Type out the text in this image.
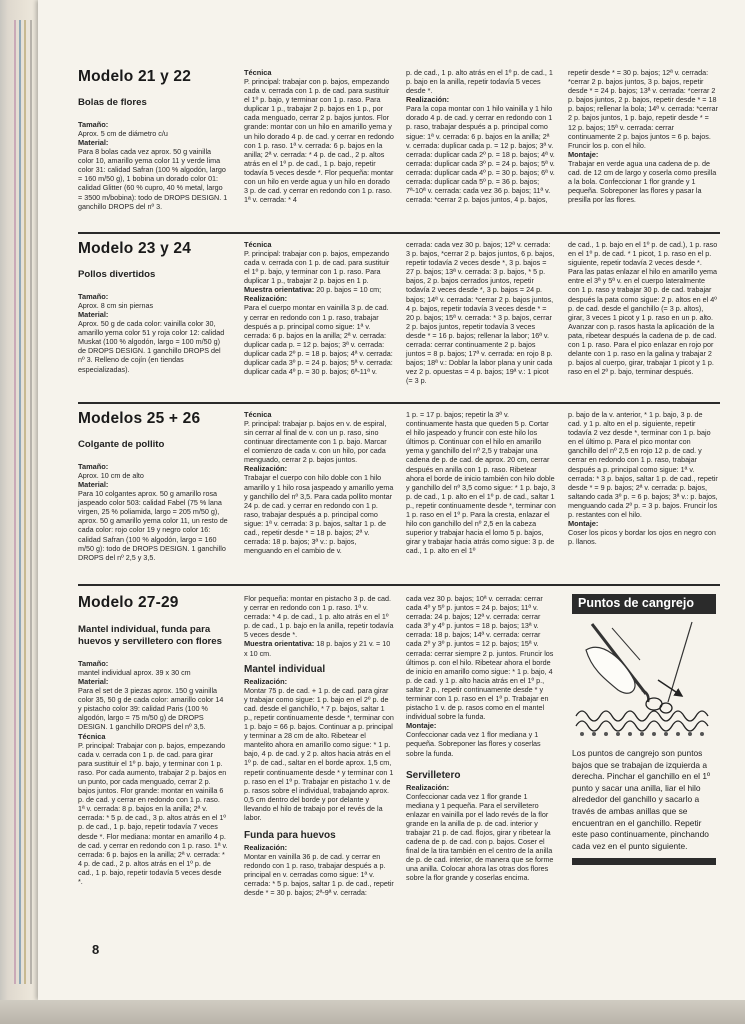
Modelo 21 y 22
Bolas de flores
Tamaño:

Aprox. 5 cm de diámetro c/u

Material:

Para 8 bolas cada vez aprox. 50 g vainilla color 10, amarillo yema color 11 y verde lima color 31: calidad Safran (100 % algodón, largo = 160 m/50 g), 1 bobina un dorado color 01: calidad Glitter (60 % cupro, 40 % metal, largo = 3500 m/bobina): todo de DROPS DESIGN. 1 ganchillo DROPS del nº 3.

Técnica

P. principal: trabajar con p. bajos, empezando cada v. cerrada con 1 p. de cad. para sustituir el 1º p. bajo, y terminar con 1 p. raso. Para duplicar 1 p., trabajar 2 p. bajos en 1 p., por cada menguado, cerrar 2 p. bajos juntos. Flor grande: montar con un hilo en amarillo yema y un hilo dorado 4 p. de cad. y cerrar en redondo con 1 p. raso. 1ª v. cerrada: 6 p. bajos en la anilla; 2ª v. cerrada: * 4 p. de cad., 2 p. altos atrás en el 1º p. de cad., 1 p. bajo, repetir todavía 5 veces desde *. Flor pequeña: montar con un hilo en verde agua y un hilo en dorado 3 p. de cad. y cerrar en redondo con 1 p. raso. 1ª v. cerrada: * 4

p. de cad., 1 p. alto atrás en el 1º p. de cad., 1 p. bajo en la anilla, repetir todavía 5 veces desde *.

Realización:

Para la copa montar con 1 hilo vainilla y 1 hilo dorado 4 p. de cad. y cerrar en redondo con 1 p. raso, trabajar después a p. principal como sigue: 1ª v. cerrada: 6 p. bajos en la anilla; 2ª v. cerrada: duplicar cada p. = 12 p. bajos; 3ª v. cerrada: duplicar cada 2º p. = 18 p. bajos; 4ª v. cerrada: duplicar cada 3º p. = 24 p. bajos; 5ª v. cerrada: duplicar cada 4º p. = 30 p. bajos; 6ª v. cerrada: duplicar cada 5º p. = 36 p. bajos; 7ª-10ª v. cerrada: cada vez 36 p. bajos; 11ª v. cerrada: *cerrar 2 p. bajos juntos, 4 p. bajos,

repetir desde * = 30 p. bajos; 12ª v. cerrada: *cerrar 2 p. bajos juntos, 3 p. bajos, repetir desde * = 24 p. bajos; 13ª v. cerrada: *cerrar 2 p. bajos juntos, 2 p. bajos, repetir desde * = 18 p. bajos; rellenar la bola; 14ª v. cerrada: *cerrar 2 p. bajos juntos, 1 p. bajo, repetir desde * = 12 p. bajos; 15ª v. cerrada: cerrar continuamente 2 p. bajos juntos = 6 p. bajos. Fruncir los p. con el hilo.

Montaje:

Trabajar en verde agua una cadena de p. de cad. de 12 cm de largo y coserla como presilla a la bola. Confeccionar 1 flor grande y 1 pequeña. Sobreponer las flores y pasar la presilla por las flores.

Modelo 23 y 24
Pollos divertidos
Tamaño:

Aprox. 8 cm sin piernas

Material:

Aprox. 50 g de cada color: vainilla color 30, amarillo yema color 51 y roja color 12: calidad Muskat (100 % algodón, largo = 100 m/50 g) de DROPS DESIGN. 1 ganchillo DROPS del nº 3. Relleno de cojín (en tiendas especializadas).

Técnica

P. principal: trabajar con p. bajos, empezando cada v. cerrada con 1 p. de cad. para sustituir el 1º p. bajo, y terminar con 1 p. raso. Para duplicar 1 p., trabajar 2 p. bajos en 1 p.

Muestra orientativa: 20 p. bajos = 10 cm;

Realización:

Para el cuerpo montar en vainilla 3 p. de cad. y cerrar en redondo con 1 p. raso, trabajar después a p. principal como sigue: 1ª v. cerrada: 6 p. bajos en la anilla; 2ª v. cerrada: duplicar cada p. = 12 p. bajos; 3ª v. cerrada: duplicar cada 2º p. = 18 p. bajos; 4ª v. cerrada: duplicar cada 3º p. = 24 p. bajos; 5ª v. cerrada: duplicar cada 4º p. = 30 p. bajos; 6ª-11ª v.

cerrada: cada vez 30 p. bajos; 12ª v. cerrada: 3 p. bajos, *cerrar 2 p. bajos juntos, 6 p. bajos, repetir todavía 2 veces desde *, 3 p. bajos = 27 p. bajos; 13ª v. cerrada: 3 p. bajos, * 5 p. bajos, 2 p. bajos cerrados juntos, repetir todavía 2 veces desde *, 3 p. bajos = 24 p. bajos; 14ª v. cerrada: *cerrar 2 p. bajos juntos, 4 p. bajos, repetir todavía 3 veces desde * = 20 p. bajos; 15ª v. cerrada: * 3 p. bajos, cerrar 2 p. bajos juntos, repetir todavía 3 veces desde * = 16 p. bajos; rellenar la labor; 16ª v. cerrada: cerrar continuamente 2 p. bajos juntos = 8 p. bajos; 17ª v. cerrada: en rojo 8 p. bajos; 18ª v.: Doblar la labor plana y unir cada vez 2 p. opuestas = 4 p. bajos; 19ª v.: 1 picot (= 3 p.

de cad., 1 p. bajo en el 1º p. de cad.), 1 p. raso en el 1º p. de cad. * 1 picot, 1 p. raso en el p. siguiente, repetir todavía 2 veces desde *. Para las patas enlazar el hilo en amarillo yema entre el 3ª y 5ª v. en el cuerpo lateralmente con 1 p. raso y trabajar 30 p. de cad. trabajar después la pata como sigue: 2 p. altos en el 4º p. de cad. desde el ganchillo (= 3 p. altos), girar, 3 veces 1 picot y 1 p. raso en un p. alto. Avanzar con p. rasos hasta la aplicación de la pata, ribetear después la cadena de p. de cad. con 1 p. raso. Para el pico enlazar en rojo por delante con 1 p. raso en la galina y trabajar 2 p. bajos al cuerpo, girar, trabajar 1 picot y 1 p. raso en el 2º p. bajo, terminar después.

Modelos 25 + 26
Colgante de pollito
Tamaño:

Aprox. 10 cm de alto

Material:

Para 10 colgantes aprox. 50 g amarillo rosa jaspeado color 503: calidad Fabel (75 % lana virgen, 25 % poliamida, largo = 205 m/50 g), aprox. 50 g amarillo yema color 11, un resto de cada color: rojo color 19 y negro color 16: calidad Safran (100 % algodón, largo = 160 m/50 g): todo de DROPS DESIGN. 1 ganchillo DROPS del nº 2,5 y 3,5.

Técnica

P. principal: trabajar p. bajos en v. de espiral, sin cerrar al final de v. con un p. raso, sino continuar directamente con 1 p. bajo. Marcar el comienzo de cada v. con un hilo, por cada menguado, cerrar 2 p. bajos juntos.

Realización:

Trabajar el cuerpo con hilo doble con 1 hilo amarillo y 1 hilo rosa jaspeado y amarillo yema y ganchillo del nº 3,5. Para cada pollito montar 24 p. de cad. y cerrar en redondo con 1 p. raso, trabajar después a p. principal como sigue: 1ª v. cerrada: 3 p. bajos, saltar 1 p. de cad., repetir desde * = 18 p. bajos; 2ª v. cerrada: 18 p. bajos; 3ª v.: p. bajos, menguando en el cambio de v.

1 p. = 17 p. bajos; repetir la 3ª v. continuamente hasta que queden 5 p. Cortar el hilo jaspeado y fruncir con este hilo los últimos p. Continuar con el hilo en amarillo yema y ganchillo del nº 2,5 y trabajar una cadena de p. de cad. de aprox. 20 cm, cerrar después en anilla con 1 p. raso. Ribetear ahora el borde de inicio también con hilo doble y ganchillo del nº 3,5 como sigue: * 1 p. bajo, 3 p. de cad., 1 p. alto en el 1º p. de cad., saltar 1 p., repetir continuamente desde *, terminar con 1 p. raso en el 1º p. Para la cresta, enlazar el hilo con ganchillo del nº 2,5 en la cabeza superior y trabajar hacia el lomo 5 p. bajos, girar y trabajar hacia atrás como sigue: 3 p. de cad., 1 p. alto en el 1º

p. bajo de la v. anterior, * 1 p. bajo, 3 p. de cad. y 1 p. alto en el p. siguiente, repetir todavía 2 vez desde *, terminar con 1 p. bajo en el último p. Para el pico montar con ganchillo del nº 2,5 en rojo 12 p. de cad. y cerrar en redondo con 1 p. raso, trabajar después a p. principal como sigue: 1ª v. cerrada: * 3 p. bajos, saltar 1 p. de cad., repetir desde * = 9 p. bajos; 2ª v. cerrada: p. bajos, saltando cada 3º p. = 6 p. bajos; 3ª v.: p. bajos, menguando cada 2º p. = 3 p. bajos. Fruncir los p. restantes con el hilo.

Montaje:

Coser los picos y bordar los ojos en negro con p. llanos.

Modelo 27-29
Mantel individual, funda para huevos y servilletero con flores
Tamaño:

mantel individual aprox. 39 x 30 cm

Material:

Para el set de 3 piezas aprox. 150 g vainilla color 35, 50 g de cada color: amarillo color 14 y pistacho color 39: calidad Paris (100 % algodón, largo = 75 m/50 g) de DROPS DESIGN. 1 ganchillo DROPS del nº 3,5.

Técnica

P. principal: Trabajar con p. bajos, empezando cada v. cerrada con 1 p. de cad. para girar para sustituir el 1º p. bajo, y terminar con 1 p. raso. Por cada aumento, trabajar 2 p. bajos en un punto, por cada menguado, cerrar 2 p. bajos juntos. Flor grande: montar en vainilla 6 p. de cad. y cerrar en redondo con 1 p. raso. 1ª v. cerrada: 8 p. bajos en la anilla; 2ª v. cerrada: * 5 p. de cad., 3 p. altos atrás en el 1º p. de cad., 1 p. bajo, repetir todavía 7 veces desde *. Flor mediana: montar en amarillo 4 p. de cad. y cerrar en redondo con 1 p. raso. 1ª v. cerrada: 6 p. bajos en la anilla; 2ª v. cerrada: * 4 p. de cad., 2 p. altos atrás en el 1º p. de cad., 1 p. bajo, repetir todavía 5 veces desde *.

Flor pequeña: montar en pistacho 3 p. de cad. y cerrar en redondo con 1 p. raso. 1ª v. cerrada: * 4 p. de cad., 1 p. alto atrás en el 1º p. de cad., 1 p. bajo en la anilla, repetir todavía 5 veces desde *.

Muestra orientativa: 18 p. bajos y 21 v. = 10 x 10 cm.

Mantel individual
Realización:

Montar 75 p. de cad. + 1 p. de cad. para girar y trabajar como sigue: 1 p. bajo en el 2º p. de cad. desde el ganchillo, * 7 p. bajos, saltar 1 p., repetir continuamente desde *, terminar con 1 p. bajo = 66 p. bajos. Continuar a p. principal y terminar a 28 cm de alto. Ribetear el mantelito ahora en amarillo como sigue: * 1 p. bajo, 4 p. de cad. y 2 p. altos hacia atrás en el 1º p. de cad., saltar en el borde aprox. 1,5 cm, repetir continuamente desde * y terminar con 1 p. raso en el 1º p. Trabajar en pistacho 1 v. de p. rasos sobre el individual, trabajando aprox. 0,5 cm dentro del borde y por delante y llevando el hilo de trabajo por el revés de la labor.

Funda para huevos
Realización:

Montar en vainilla 36 p. de cad. y cerrar en redondo con 1 p. raso, trabajar después a p. principal en v. cerradas como sigue: 1ª v. cerrada: * 5 p. bajos, saltar 1 p. de cad., repetir desde * = 30 p. bajos; 2ª-9ª v. cerrada:

cada vez 30 p. bajos; 10ª v. cerrada: cerrar cada 4º y 5º p. juntos = 24 p. bajos; 11ª v. cerrada: 24 p. bajos; 12ª v. cerrada: cerrar cada 3º y 4º p. juntos = 18 p. bajos; 13ª v. cerrada: 18 p. bajos; 14ª v. cerrada: cerrar cada 2º y 3º p. juntos = 12 p. bajos; 15ª v. cerrada: cerrar siempre 2 p. juntos. Fruncir los últimos p. con el hilo. Ribetear ahora el borde de inicio en amarillo como sigue: * 1 p. bajo, 4 p. de cad. y 1 p. alto hacia atrás en el 1º p., saltar 2 p., repetir continuamente desde * y terminar con 1 p. raso en el 1º p. Trabajar en pistacho 1 v. de p. rasos como en el mantel individual sobre la funda.

Montaje:

Confeccionar cada vez 1 flor mediana y 1 pequeña. Sobreponer las flores y coserlas sobre la funda.

Servilletero
Realización:

Confeccionar cada vez 1 flor grande 1 mediana y 1 pequeña. Para el servilletero enlazar en vainilla por el lado revés de la flor grande en la anilla de p. de cad. interior y trabajar 21 p. de cad. flojos, girar y ribetear la cadena de p. de cad. con p. bajos. Coser el final de la tira también en el centro de la anilla de p. de cad. interior, de manera que se forme una anilla. Colocar ahora las otras dos flores sobre la flor grande y coserlas encima.

Puntos de cangrejo

Los puntos de cangrejo son puntos bajos que se trabajan de izquierda a derecha. Pinchar el ganchillo en el 1º punto y sacar una anilla, liar el hilo alrededor del ganchillo y sacarlo a través de ambas anillas que se encuentran en el ganchillo. Repetir este paso continuamente, pinchando cada vez en el punto siguiente.

8
